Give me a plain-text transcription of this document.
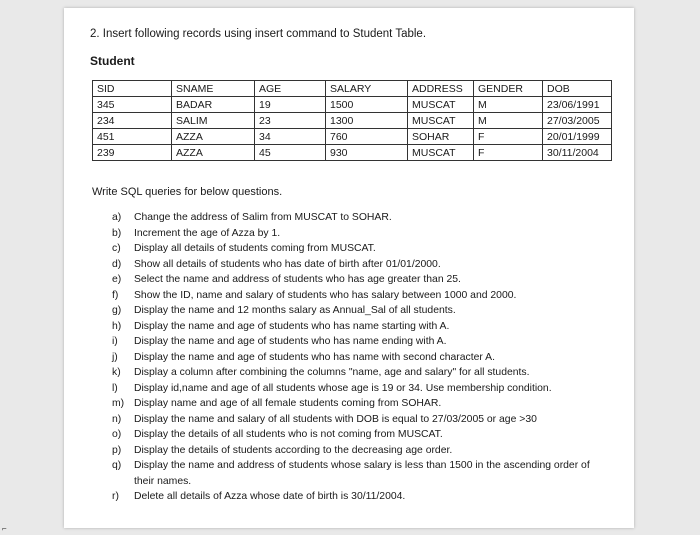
2. Insert following records using insert command to Student Table.
Student
SID	SNAME	AGE	SALARY	ADDRESS	GENDER	DOB
345	BADAR	19	1500	MUSCAT	M	23/06/1991
234	SALIM	23	1300	MUSCAT	M	27/03/2005
451	AZZA	34	760	SOHAR	F	20/01/1999
239	AZZA	45	930	MUSCAT	F	30/11/2004
Write SQL queries for below questions.
a)	Change the address of Salim from MUSCAT to SOHAR.
b)	Increment the age of Azza by 1.
c)	Display all details of students coming from MUSCAT.
d)	Show all details of students who has date of birth after 01/01/2000.
e)	Select the name and address of students who has age greater than 25.
f)	Show the ID, name and salary of students who has salary between 1000 and 2000.
g)	Display the name and 12 months salary as Annual_Sal of all students.
h)	Display the name and age of students who has name starting with A.
i)	Display the name and age of students who has name ending with A.
j)	Display the name and age of students who has name with second character A.
k)	Display a column after combining the columns "name, age and salary" for all students.
l)	Display id,name and age of all students whose age is 19 or 34. Use membership condition.
m) Display name and age of all female students coming from SOHAR.
n)	Display the name and salary of all students with DOB is equal to 27/03/2005 or age >30
o)	Display the details of all students who is not coming from MUSCAT.
p)	Display the details of students according to the decreasing age order.
q)	Display the name and address of students whose salary is less than 1500 in the ascending order of their names.
r)	Delete all details of Azza whose date of birth is 30/11/2004.
⌐
